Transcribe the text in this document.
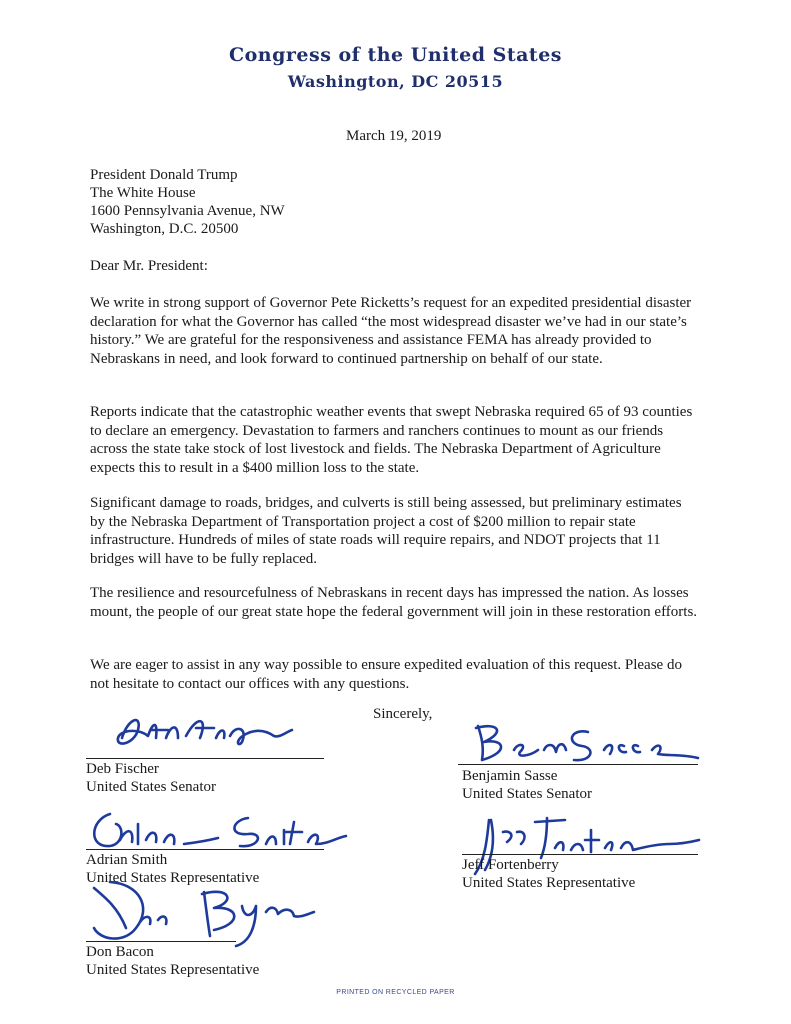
Congress of the United States
Washington, DC 20515
March 19, 2019
President Donald Trump
The White House
1600 Pennsylvania Avenue, NW
Washington, D.C. 20500
Dear Mr. President:
We write in strong support of Governor Pete Ricketts’s request for an expedited presidential disaster declaration for what the Governor has called “the most widespread disaster we’ve had in our state’s history.” We are grateful for the responsiveness and assistance FEMA has already provided to Nebraskans in need, and look forward to continued partnership on behalf of our state.
Reports indicate that the catastrophic weather events that swept Nebraska required 65 of 93 counties to declare an emergency. Devastation to farmers and ranchers continues to mount as our friends across the state take stock of lost livestock and fields. The Nebraska Department of Agriculture expects this to result in a $400 million loss to the state.
Significant damage to roads, bridges, and culverts is still being assessed, but preliminary estimates by the Nebraska Department of Transportation project a cost of $200 million to repair state infrastructure. Hundreds of miles of state roads will require repairs, and NDOT projects that 11 bridges will have to be fully replaced.
The resilience and resourcefulness of Nebraskans in recent days has impressed the nation. As losses mount, the people of our great state hope the federal government will join in these restoration efforts.
We are eager to assist in any way possible to ensure expedited evaluation of this request. Please do not hesitate to contact our offices with any questions.
Sincerely,
Deb Fischer
United States Senator
Benjamin Sasse
United States Senator
Adrian Smith
United States Representative
Jeff Fortenberry
United States Representative
Don Bacon
United States Representative
PRINTED ON RECYCLED PAPER
